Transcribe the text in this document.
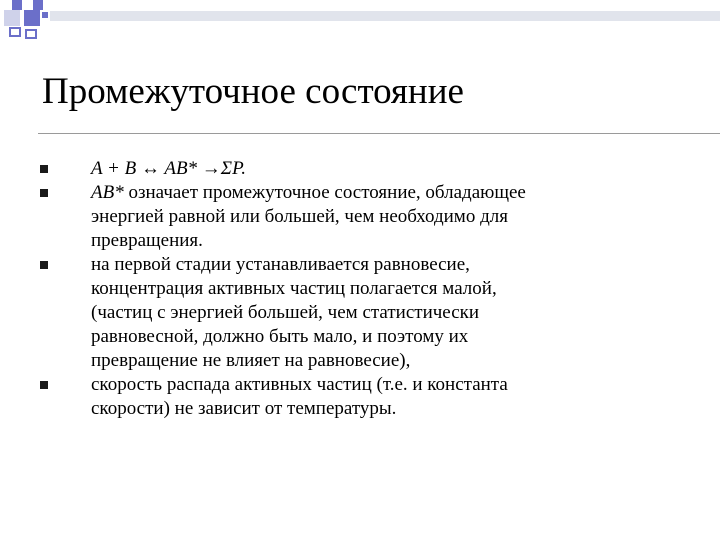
Промежуточное состояние
A + B ↔ AB* →ΣP.
AB* означает промежуточное состояние, обладающее
энергией равной или большей, чем необходимо для
превращения.
на первой стадии устанавливается равновесие,
концентрация активных частиц полагается малой,
(частиц с энергией большей, чем статистически
равновесной, должно быть мало, и поэтому их
превращение не влияет на равновесие),
скорость распада активных частиц (т.е. и константа
скорости) не зависит от температуры.
